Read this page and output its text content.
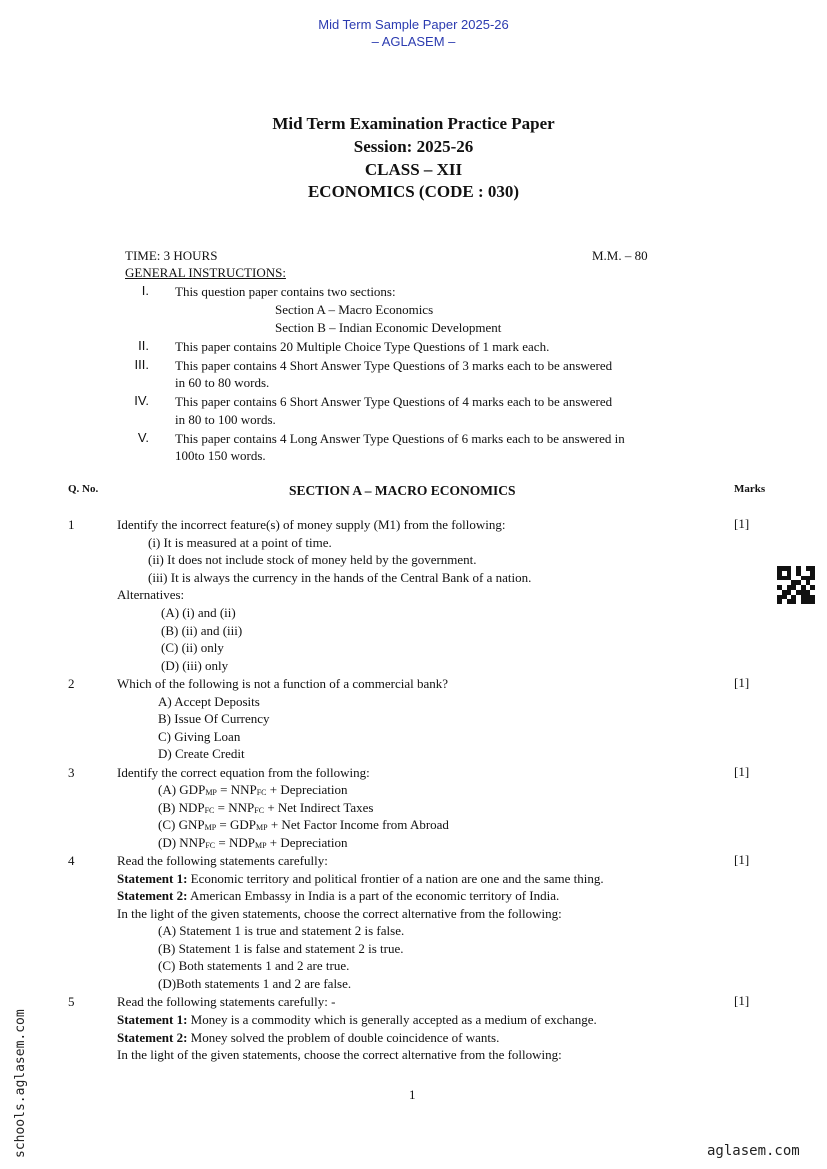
Mid Term Sample Paper 2025-26
– AGLASEM –
Mid Term Examination Practice Paper
Session: 2025-26
CLASS – XII
ECONOMICS (CODE : 030)
TIME: 3 HOURS	M.M. – 80
GENERAL INSTRUCTIONS:
I. This question paper contains two sections:
Section A – Macro Economics
Section B – Indian Economic Development
II. This paper contains 20 Multiple Choice Type Questions of 1 mark each.
III. This paper contains 4 Short Answer Type Questions of 3 marks each to be answered
in 60 to 80 words.
IV. This paper contains 6 Short Answer Type Questions of 4 marks each to be answered
in 80 to 100 words.
V. This paper contains 4 Long Answer Type Questions of 6 marks each to be answered in
100to 150 words.
Q. No.	SECTION A – MACRO ECONOMICS	Marks
1	Identify the incorrect feature(s) of money supply (M1) from the following:	[1]
(i) It is measured at a point of time.
(ii) It does not include stock of money held by the government.
(iii) It is always the currency in the hands of the Central Bank of a nation.
Alternatives:
(A) (i) and (ii)
(B) (ii) and (iii)
(C) (ii) only
(D) (iii) only
2	Which of the following is not a function of a commercial bank?	[1]
A) Accept Deposits
B) Issue Of Currency
C) Giving Loan
D) Create Credit
3	Identify the correct equation from the following:	[1]
(A) $GDP_{MP} = NNP_{FC}$ + Depreciation
(B) $NDP_{FC} = NNP_{FC}$ + Net Indirect Taxes
(C) $GNP_{MP} = GDP_{MP}$ + Net Factor Income from Abroad
(D) $NNP_{FC} = NDP_{MP}$ + Depreciation
4	Read the following statements carefully:	[1]
Statement 1: Economic territory and political frontier of a nation are one and the same thing.
Statement 2: American Embassy in India is a part of the economic territory of India.
In the light of the given statements, choose the correct alternative from the following:
(A) Statement 1 is true and statement 2 is false.
(B) Statement 1 is false and statement 2 is true.
(C) Both statements 1 and 2 are true.
(D)Both statements 1 and 2 are false.
5	Read the following statements carefully: -	[1]
Statement 1: Money is a commodity which is generally accepted as a medium of exchange.
Statement 2: Money solved the problem of double coincidence of wants.
In the light of the given statements, choose the correct alternative from the following:
1
schools.aglasem.com	aglasem.com
